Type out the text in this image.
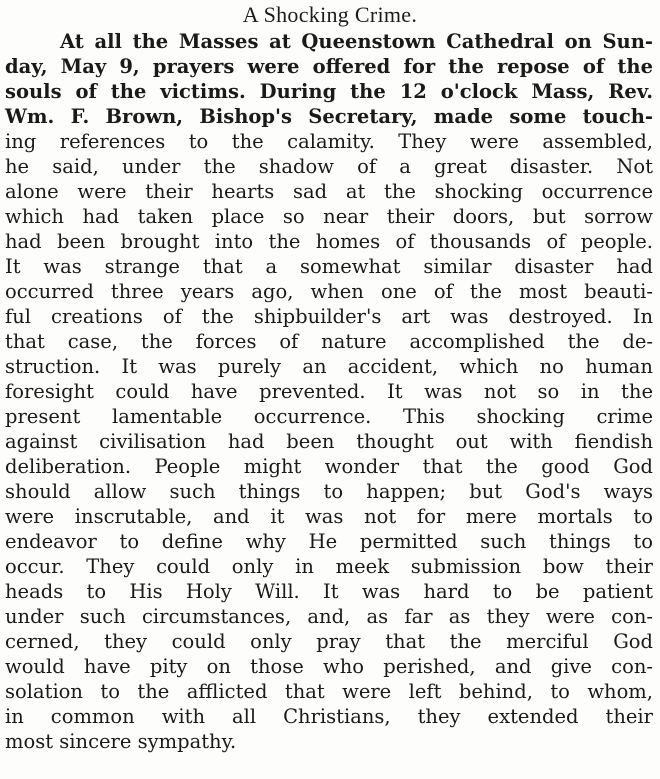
A Shocking Crime.
At all the Masses at Queenstown Cathedral on Sun-
day, May 9, prayers were offered for the repose of the
souls of the victims. During the 12 o'clock Mass, Rev.
Wm. F. Brown, Bishop's Secretary, made some touch-
ing references to the calamity. They were assembled,
he said, under the shadow of a great disaster. Not
alone were their hearts sad at the shocking occurrence
which had taken place so near their doors, but sorrow
had been brought into the homes of thousands of people.
It was strange that a somewhat similar disaster had
occurred three years ago, when one of the most beauti-
ful creations of the shipbuilder's art was destroyed. In
that case, the forces of nature accomplished the de-
struction. It was purely an accident, which no human
foresight could have prevented. It was not so in the
present lamentable occurrence. This shocking crime
against civilisation had been thought out with fiendish
deliberation. People might wonder that the good God
should allow such things to happen; but God's ways
were inscrutable, and it was not for mere mortals to
endeavor to define why He permitted such things to
occur. They could only in meek submission bow their
heads to His Holy Will. It was hard to be patient
under such circumstances, and, as far as they were con-
cerned, they could only pray that the merciful God
would have pity on those who perished, and give con-
solation to the afflicted that were left behind, to whom,
in common with all Christians, they extended their
most sincere sympathy.
